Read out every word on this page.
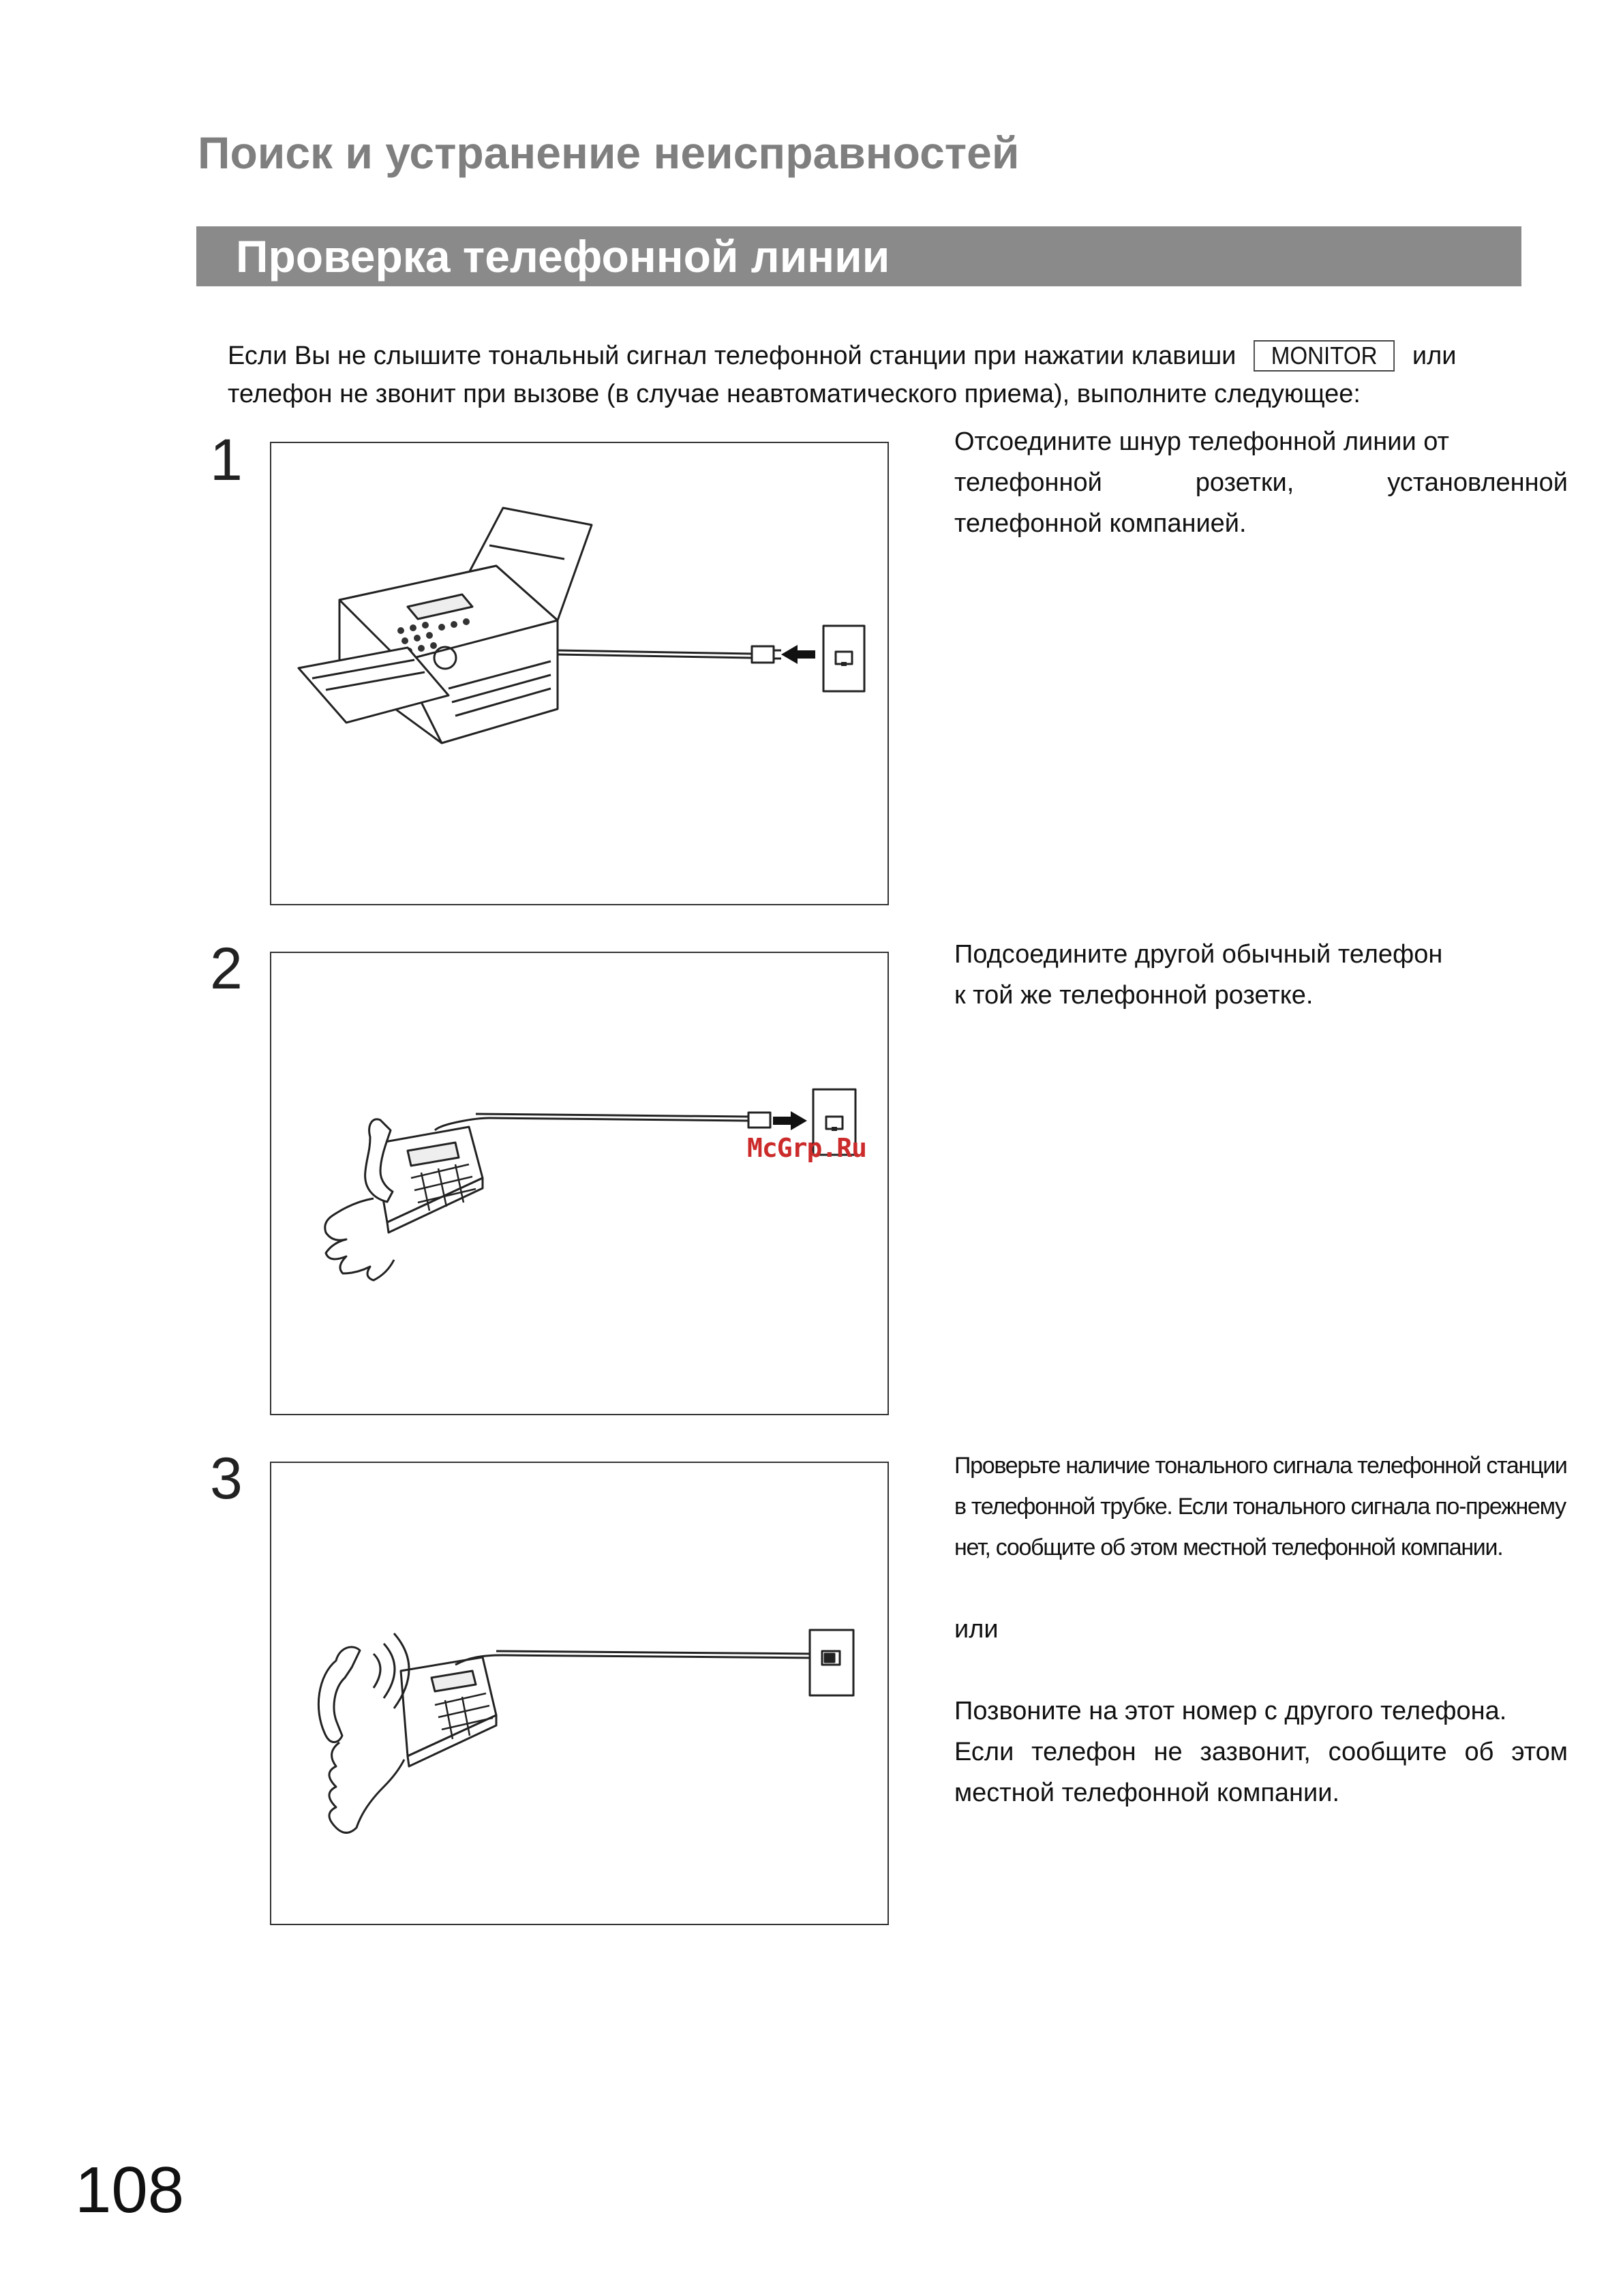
Поиск и устранение неисправностей
Проверка телефонной линии
Если Вы не слышите тональный сигнал телефонной станции при нажатии клавиши MONITOR или
телефон не звонит при вызове (в случае неавтоматического приема), выполните следующее:
1	Отсоедините шнур телефонной линии от

телефонной розетки, установленной

телефонной компанией.

2
McGrp.Ru

Подсоедините другой обычный телефон

к той же телефонной розетке.

3	Проверьте наличие тонального сигнала телефонной станции

в телефонной трубке. Если тонального сигнала по-прежнему

нет, сообщите об этом местной телефонной компании.

или

Позвоните на этот номер с другого телефона.

Если телефон не зазвонит, сообщите об этом

местной телефонной компании.

108
